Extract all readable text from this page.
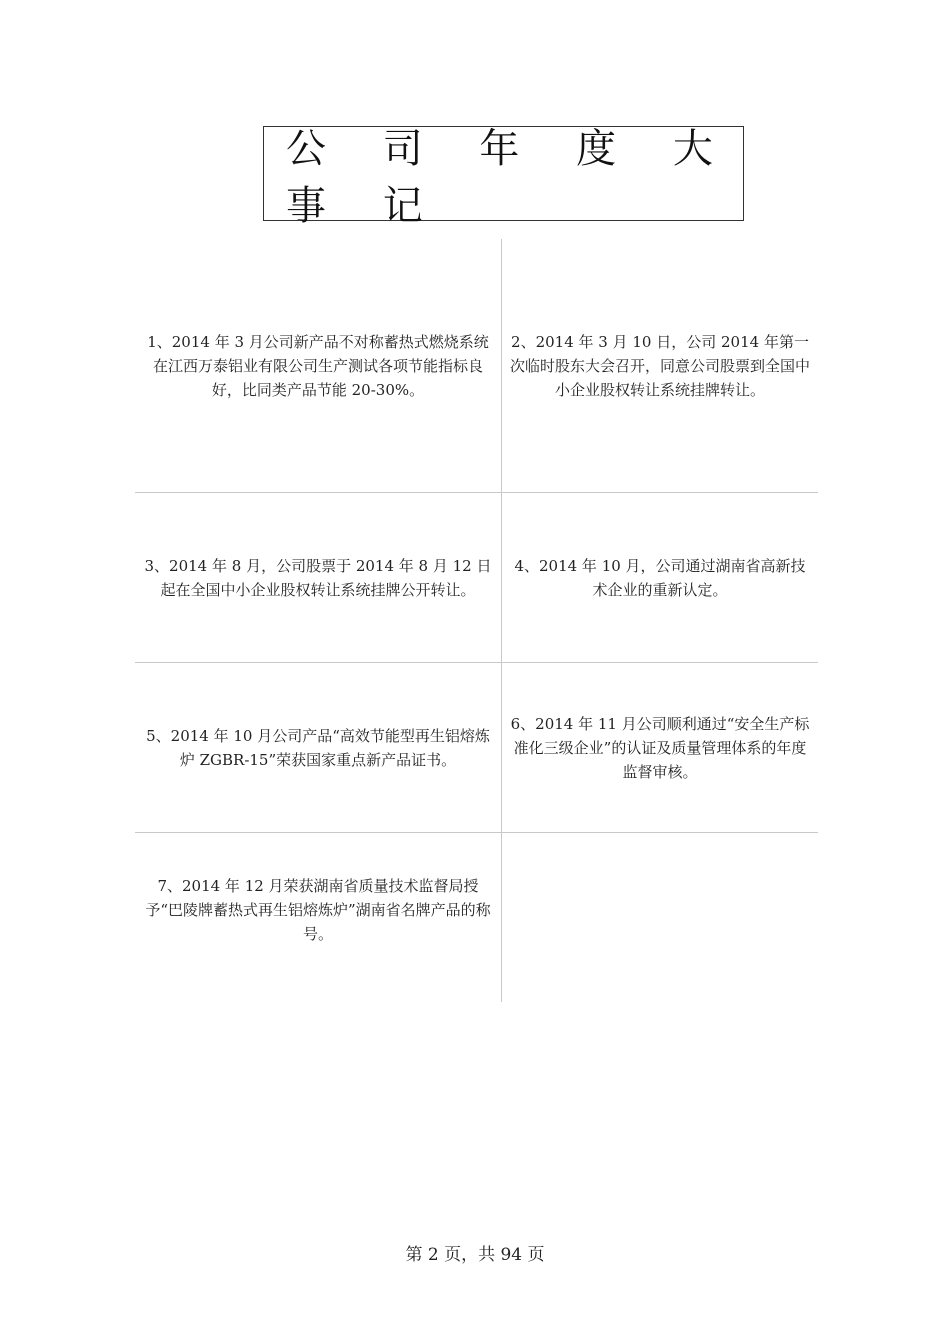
公 司 年 度 大 事 记
1、2014 年 3 月公司新产品不对称蓄热式燃烧系统在江西万泰铝业有限公司生产测试各项节能指标良好，比同类产品节能 20-30%。
2、2014 年 3 月 10 日，公司 2014 年第一次临时股东大会召开，同意公司股票到全国中小企业股权转让系统挂牌转让。
3、2014 年 8 月，公司股票于 2014 年 8 月 12 日起在全国中小企业股权转让系统挂牌公开转让。
4、2014 年 10 月，公司通过湖南省高新技术企业的重新认定。
5、2014 年 10 月公司产品“高效节能型再生铝熔炼炉 ZGBR-15”荣获国家重点新产品证书。
6、2014 年 11 月公司顺利通过“安全生产标准化三级企业”的认证及质量管理体系的年度监督审核。
7、2014 年 12 月荣获湖南省质量技术监督局授予“巴陵牌蓄热式再生铝熔炼炉”湖南省名牌产品的称号。
第 2 页，共 94 页
